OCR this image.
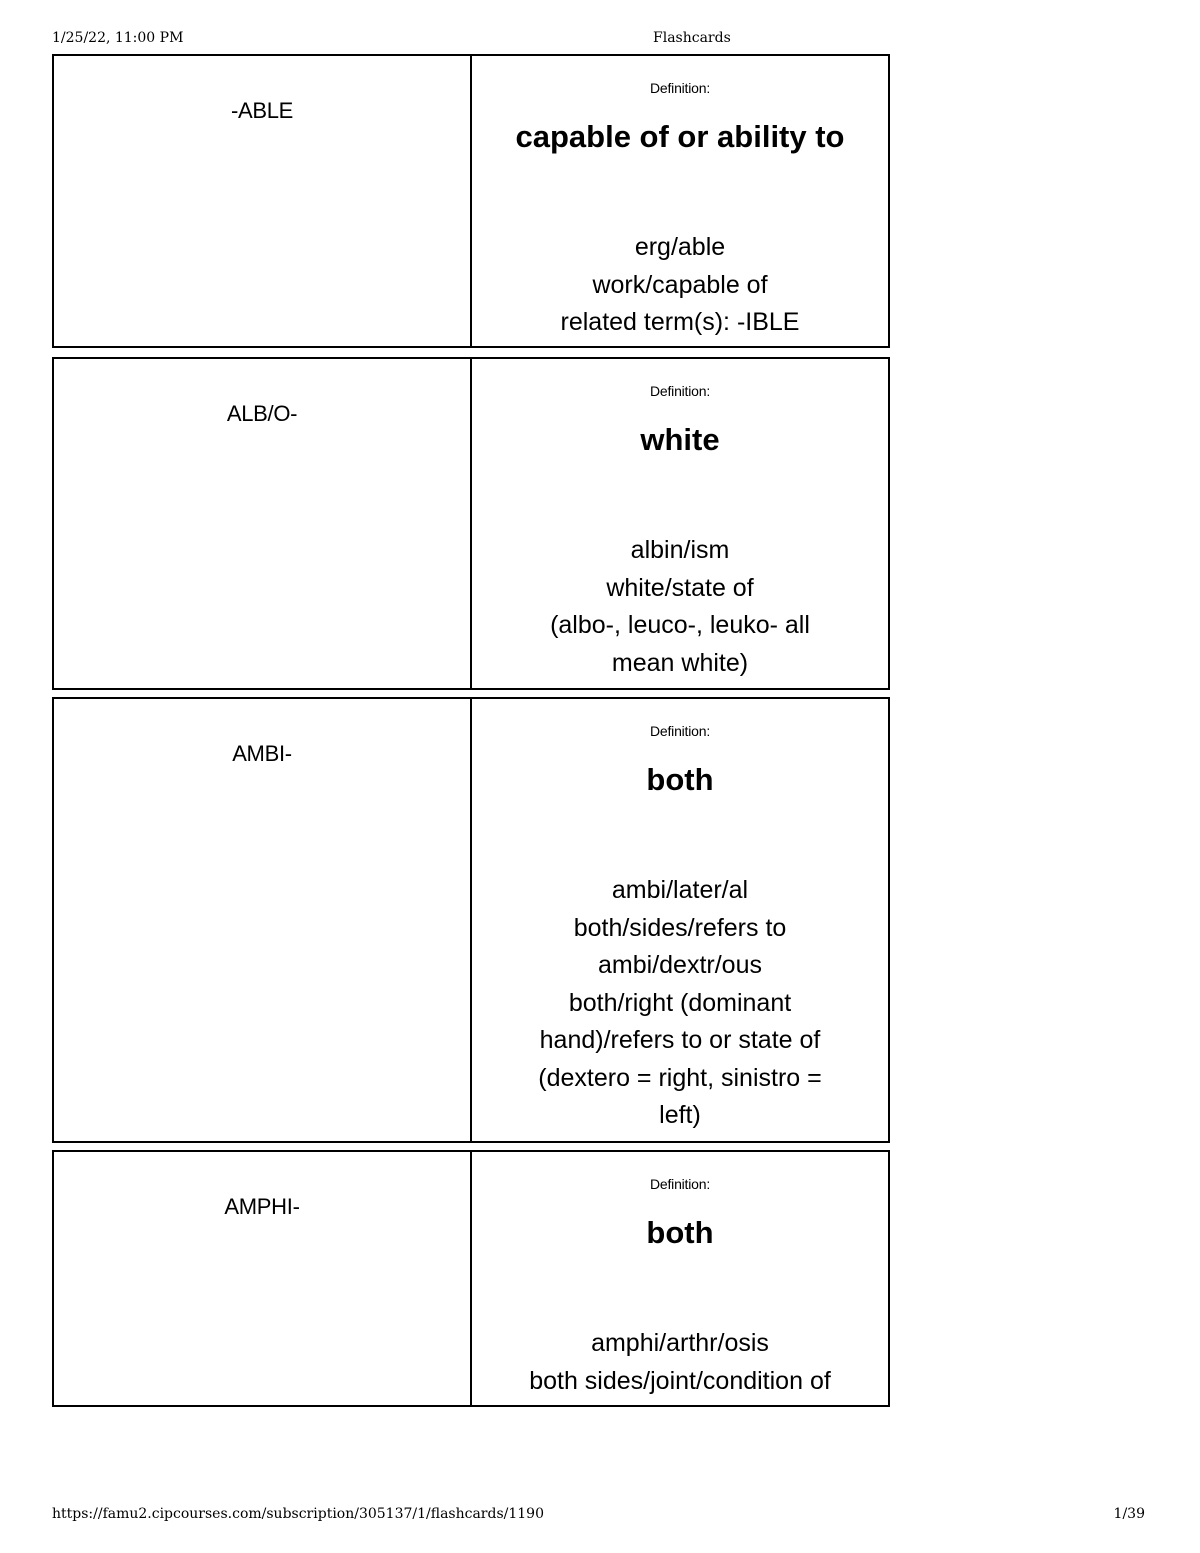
1/25/22, 11:00 PM	Flashcards
-ABLE
Definition:
capable of or ability to
erg/able
work/capable of
related term(s): -IBLE
ALB/O-
Definition:
white
albin/ism
white/state of
(albo-, leuco-, leuko- all
mean white)
AMBI-
Definition:
both
ambi/later/al
both/sides/refers to
ambi/dextr/ous
both/right (dominant
hand)/refers to or state of
(dextero = right, sinistro =
left)
AMPHI-
Definition:
both
amphi/arthr/osis
both sides/joint/condition of
https://famu2.cipcourses.com/subscription/305137/1/flashcards/1190	1/39
